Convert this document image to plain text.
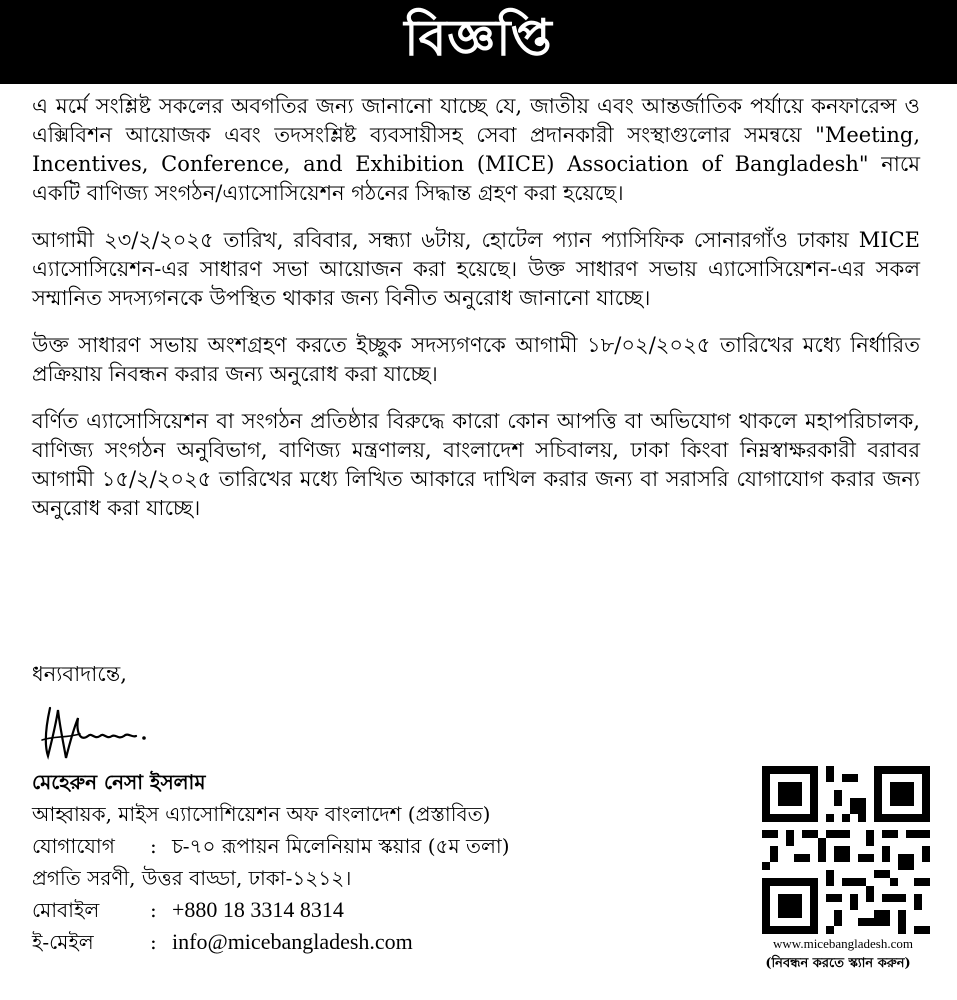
বিজ্ঞপ্তি

এ মর্মে সংশ্লিষ্ট সকলের অবগতির জন্য জানানো যাচ্ছে যে, জাতীয় এবং আন্তর্জাতিক পর্যায়ে কনফারেন্স ও এক্সিবিশন আয়োজক এবং তদসংশ্লিষ্ট ব্যবসায়ীসহ সেবা প্রদানকারী সংস্থাগুলোর সমন্বয়ে "Meeting, Incentives, Conference, and Exhibition (MICE) Association of Bangladesh" নামে একটি বাণিজ্য সংগঠন/এ্যাসোসিয়েশন গঠনের সিদ্ধান্ত গ্রহণ করা হয়েছে।

আগামী ২৩/২/২০২৫ তারিখ, রবিবার, সন্ধ্যা ৬টায়, হোটেল প্যান প্যাসিফিক সোনারগাঁও ঢাকায় MICE এ্যাসোসিয়েশন-এর সাধারণ সভা আয়োজন করা হয়েছে। উক্ত সাধারণ সভায় এ্যাসোসিয়েশন-এর সকল সম্মানিত সদস্যগনকে উপস্থিত থাকার জন্য বিনীত অনুরোধ জানানো যাচ্ছে।

উক্ত সাধারণ সভায় অংশগ্রহণ করতে ইচ্ছুক সদস্যগণকে আগামী ১৮/০২/২০২৫ তারিখের মধ্যে নির্ধারিত প্রক্রিয়ায় নিবন্ধন করার জন্য অনুরোধ করা যাচ্ছে।

বর্ণিত এ্যাসোসিয়েশন বা সংগঠন প্রতিষ্ঠার বিরুদ্ধে কারো কোন আপত্তি বা অভিযোগ থাকলে মহাপরিচালক, বাণিজ্য সংগঠন অনুবিভাগ, বাণিজ্য মন্ত্রণালয়, বাংলাদেশ সচিবালয়, ঢাকা কিংবা নিম্নস্বাক্ষরকারী বরাবর আগামী ১৫/২/২০২৫ তারিখের মধ্যে লিখিত আকারে দাখিল করার জন্য বা সরাসরি যোগাযোগ করার জন্য অনুরোধ করা যাচ্ছে।

ধন্যবাদান্তে,
মেহেরুন নেসা ইসলাম
আহ্বায়ক, মাইস এ্যাসোশিয়েশন অফ বাংলাদেশ (প্রস্তাবিত)
যোগাযোগ	: চ-৭০ রূপায়ন মিলেনিয়াম স্কয়ার (৫ম তলা)
প্রগতি সরণী, উত্তর বাড্ডা, ঢাকা-১২১২।
মোবাইল	: +880 18 3314 8314
ই-মেইল	: info@micebangladesh.com	www.micebangladesh.com
(নিবন্ধন করতে স্ক্যান করুন)
